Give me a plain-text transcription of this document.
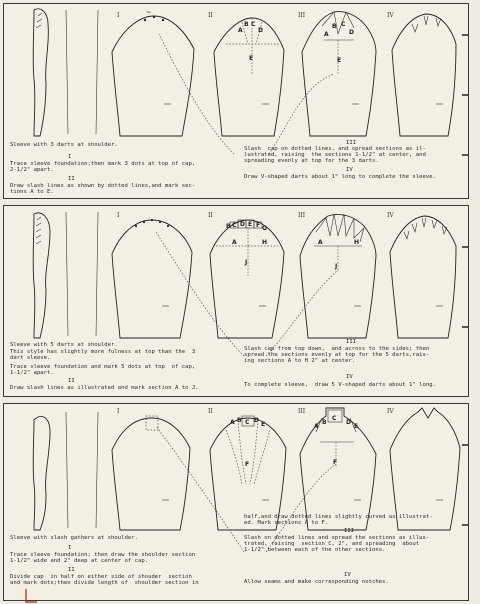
~
A
B C
D
E
A
B C
D
E
I	II	III	IV
Sleeve with 3 darts at shoulder.
I
Trace sleeve foundation;then mark 3 dots at top of cap,
2-1/2" apart.
II
Draw slash lines as shown by dotted lines,and mark sec-
tions A to E.
III
Slash  cap on dotted lines, and spread sections as il-
lustrated, raising  the sections 1-1/2" at center, and
spreading evenly at top for the 3 darts.
IV
Draw V-shaped darts about 1" long to complete the sleeve.
B C D E F G
A	H
J
A	H
J
I	II	III	IV
Sleeve with 5 darts at shoulder.
This style has slightly more fulness at top than the  3
dart sleeve.
Trace sleeve foundation and mark 5 dots at top  of cap,
1-1/2" apart.
II
Draw slash lines as illustrated and mark section A to J.
III
Slash cap from top down,  and across to the sides; then
spread the sections evenly at top for the 5 darts,rais-
ing sections A to H 2" at center.
IV
To complete sleeve,  draw 5 V-shaped darts about 1" long.
A B C D
E
F
A
B
C
D
E
F
I	II	III	IV
Sleeve with slash gathers at shoulder.
I
Trace sleeve foundation; then draw the shoulder section
1-1/2" wide and 2" deep at center of cap.
II
Divide cap  in half on either side of shouder  section
and mark dots;then divide length of  shoulder section in
half,and draw dotted lines slightly curved as illustrat-
ed. Mark sections A to F.
III
Slash on dotted lines and spread the sections as illus-
trated, raising  section C, 2", and spreading  about
1-1/2" between each of the other sections.
IV
Allow seams and make corresponding notches.
